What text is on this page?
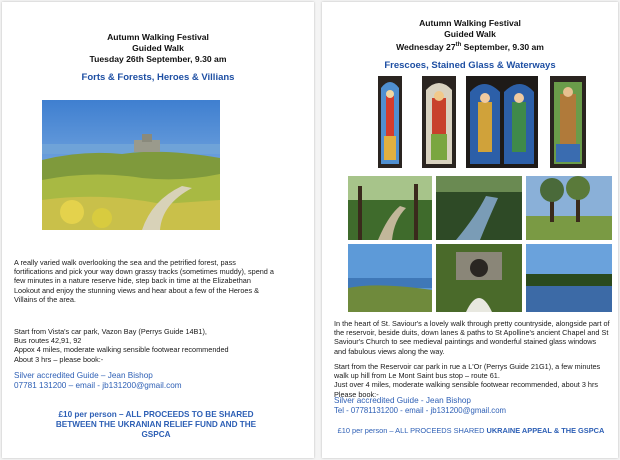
Autumn Walking Festival
Guided Walk
Tuesday 26th September, 9.30 am
Forts & Forests, Heroes & Villians
A really varied walk overlooking the sea and the petrified forest, pass fortifications and pick your way down grassy tracks (sometimes muddy), spend a few minutes in a nature reserve hide, step back in time at the Elizabethan Lookout and enjoy the stunning views and hear about a few of the Heroes & Villains of the area.
Start from Vista's car park, Vazon Bay (Perrys Guide 14B1),
Bus routes 42,91, 92
Appox 4 miles, moderate walking sensible footwear recommended
About 3 hrs – please book:-
Silver accredited Guide – Jean Bishop
07781 131200 – email - jb131200@gmail.com
£10 per person – ALL PROCEEDS TO BE SHARED
BETWEEN THE UKRANIAN RELIEF FUND AND THE
GSPCA
Autumn Walking Festival
Guided Walk
Wednesday 27th September, 9.30 am
Frescoes, Stained Glass & Waterways
In the heart of St. Saviour's a lovely walk through pretty countryside, alongside part of the reservoir, beside duits, down lanes & paths to St Apolline's ancient Chapel and St Saviour's Church to see medieval paintings and wonderful stained glass windows and fabulous views along the way.
Start from the Reservoir car park in rue a L'Or (Perrys Guide 21G1), a few minutes walk up hill from Le Mont Saint bus stop – route 61.
Just over 4 miles, moderate walking sensible footwear recommended, about 3 hrs
Please book:-
Silver accredited Guide - Jean Bishop
Tel - 07781131200 - email - jb131200@gmail.com
£10 per person – ALL PROCEEDS SHARED UKRAINE APPEAL & THE GSPCA
